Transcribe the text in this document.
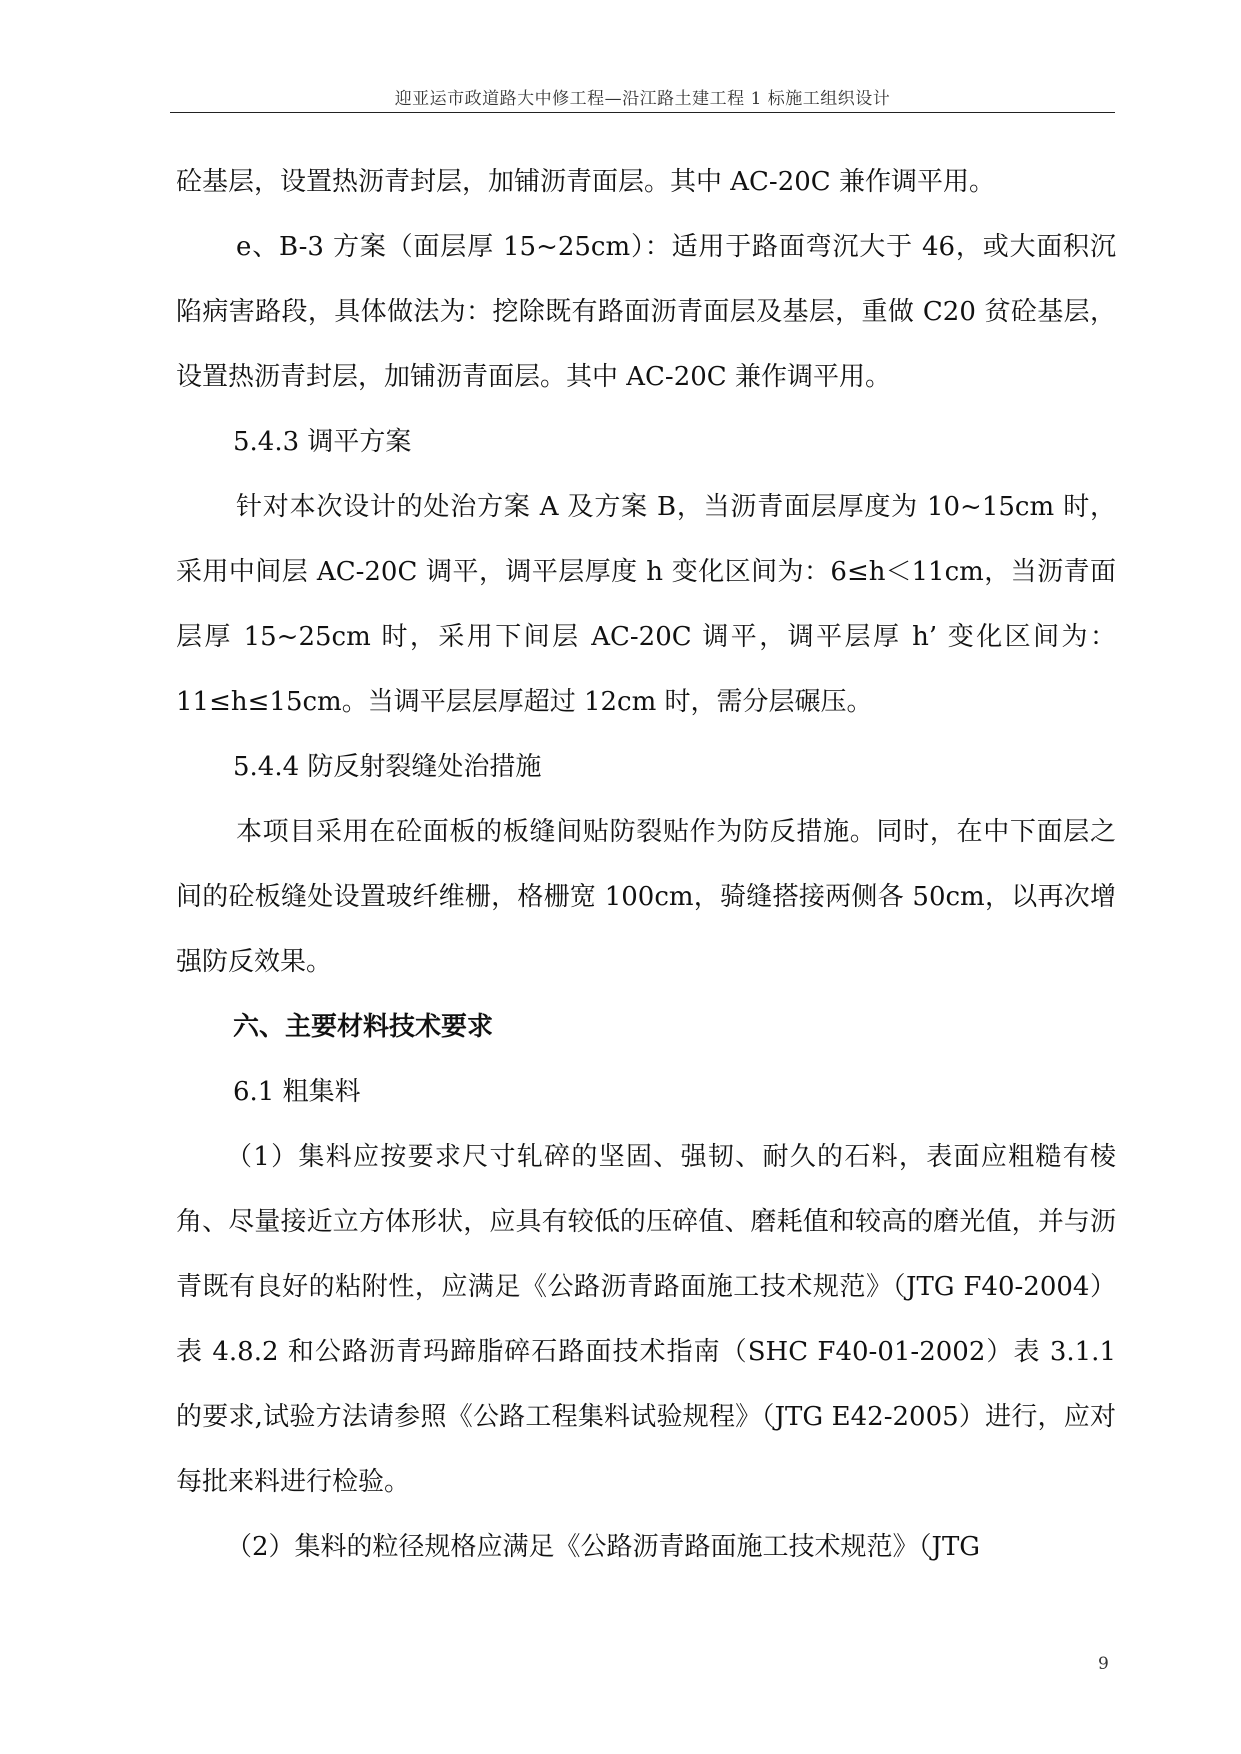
迎亚运市政道路大中修工程—沿江路土建工程 1 标施工组织设计

砼基层，设置热沥青封层，加铺沥青面层。其中 AC-20C 兼作调平用。

e、B-3 方案（面层厚 15~25cm）：适用于路面弯沉大于 46，或大面积沉陷病害路段，具体做法为：挖除既有路面沥青面层及基层，重做 C20 贫砼基层，设置热沥青封层，加铺沥青面层。其中 AC-20C 兼作调平用。

5.4.3 调平方案

针对本次设计的处治方案 A 及方案 B，当沥青面层厚度为 10~15cm 时，采用中间层 AC-20C 调平，调平层厚度 h 变化区间为：6≤h＜11cm，当沥青面层厚 15~25cm 时，采用下间层 AC-20C 调平，调平层厚 h’ 变化区间为：11≤h≤15cm。当调平层层厚超过 12cm 时，需分层碾压。

5.4.4 防反射裂缝处治措施

本项目采用在砼面板的板缝间贴防裂贴作为防反措施。同时，在中下面层之间的砼板缝处设置玻纤维栅，格栅宽 100cm，骑缝搭接两侧各 50cm，以再次增强防反效果。

六、主要材料技术要求

6.1 粗集料

（1）集料应按要求尺寸轧碎的坚固、强韧、耐久的石料，表面应粗糙有棱角、尽量接近立方体形状，应具有较低的压碎值、磨耗值和较高的磨光值，并与沥青既有良好的粘附性，应满足《公路沥青路面施工技术规范》（JTG F40-2004）表 4.8.2 和公路沥青玛蹄脂碎石路面技术指南（SHC F40-01-2002）表 3.1.1 的要求,试验方法请参照《公路工程集料试验规程》（JTG E42-2005）进行，应对每批来料进行检验。

（2）集料的粒径规格应满足《公路沥青路面施工技术规范》（JTG

9
